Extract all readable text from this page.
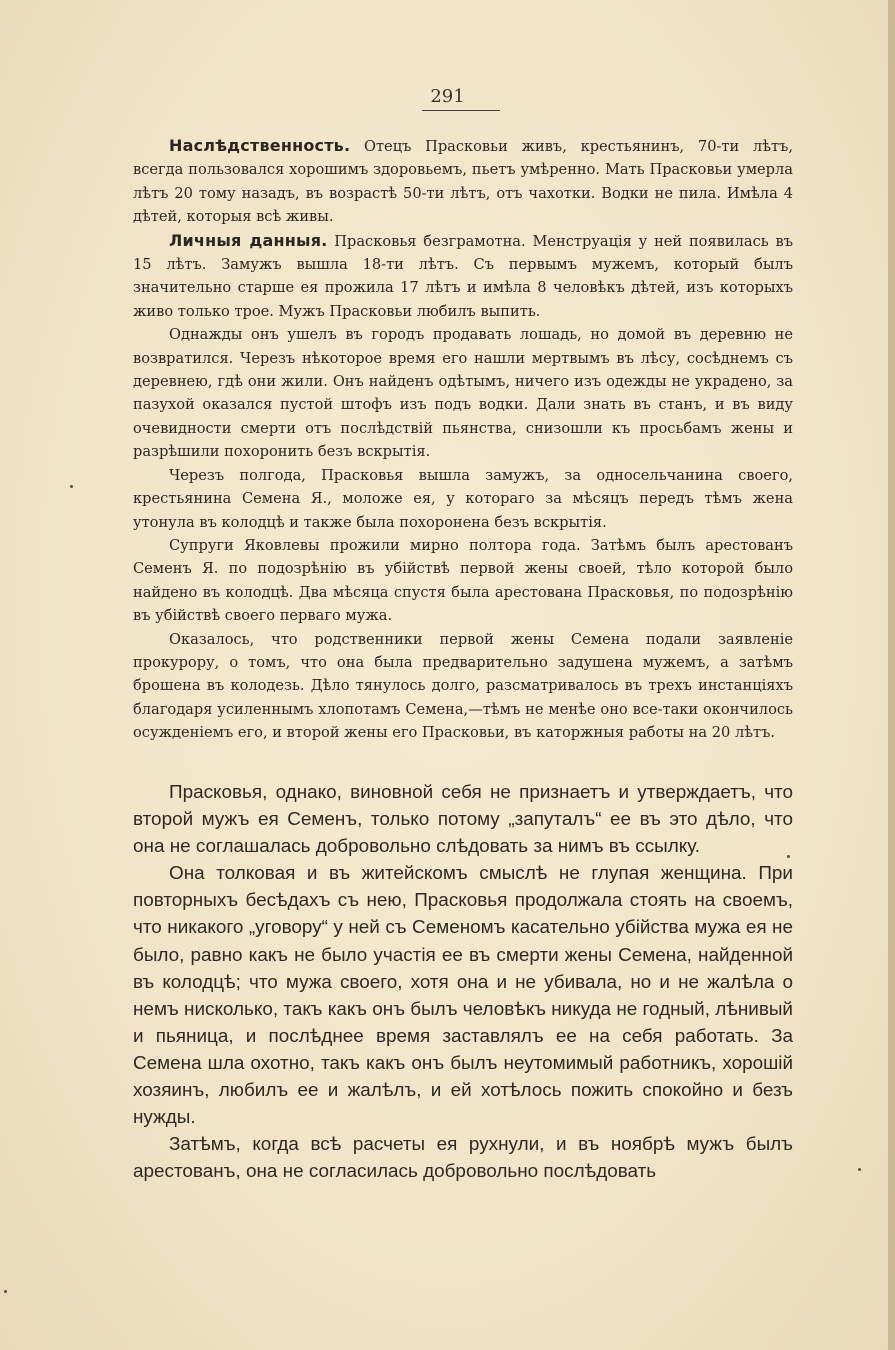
291

Наслѣдственность. Отецъ Прасковьи живъ, крестьянинъ, 70-ти лѣтъ, всегда пользовался хорошимъ здоровьемъ, пьетъ умѣренно. Мать Прасковьи умерла лѣтъ 20 тому назадъ, въ возрастѣ 50-ти лѣтъ, отъ чахотки. Водки не пила. Имѣла 4 дѣтей, которыя всѣ живы.

Личныя данныя. Прасковья безграмотна. Менструація у ней появилась въ 15 лѣтъ. Замужъ вышла 18-ти лѣтъ. Съ первымъ мужемъ, который былъ значительно старше ея прожила 17 лѣтъ и имѣла 8 человѣкъ дѣтей, изъ которыхъ живо только трое. Мужъ Прасковьи любилъ выпить.

Однажды онъ ушелъ въ городъ продавать лошадь, но домой въ деревню не возвратился. Черезъ нѣкоторое время его нашли мертвымъ въ лѣсу, сосѣднемъ съ деревнею, гдѣ они жили. Онъ найденъ одѣтымъ, ничего изъ одежды не украдено, за пазухой оказался пустой штофъ изъ подъ водки. Дали знать въ станъ, и въ виду очевидности смерти отъ послѣдствій пьянства, снизошли къ просьбамъ жены и разрѣшили похоронить безъ вскрытія.

Черезъ полгода, Прасковья вышла замужъ, за односельчанина своего, крестьянина Семена Я., моложе ея, у котораго за мѣсяцъ передъ тѣмъ жена утонула въ колодцѣ и также была похоронена безъ вскрытія.

Супруги Яковлевы прожили мирно полтора года. Затѣмъ былъ арестованъ Семенъ Я. по подозрѣнію въ убійствѣ первой жены своей, тѣло которой было найдено въ колодцѣ. Два мѣсяца спустя была арестована Прасковья, по подозрѣнію въ убійствѣ своего перваго мужа.

Оказалось, что родственники первой жены Семена подали заявленіе прокурору, о томъ, что она была предварительно задушена мужемъ, а затѣмъ брошена въ колодезь. Дѣло тянулось долго, разсматривалось въ трехъ инстанціяхъ благодаря усиленнымъ хлопотамъ Семена,—тѣмъ не менѣе оно все-таки окончилось осужденіемъ его, и второй жены его Прасковьи, въ каторжныя работы на 20 лѣтъ.

Прасковья, однако, виновной себя не признаетъ и утверждаетъ, что второй мужъ ея Семенъ, только потому „запуталъ“ ее въ это дѣло, что она не соглашалась добровольно слѣдовать за нимъ въ ссылку.

Она толковая и въ житейскомъ смыслѣ не глупая женщина. При повторныхъ бесѣдахъ съ нею, Прасковья продолжала стоять на своемъ, что никакого „уговору“ у ней съ Семеномъ касательно убійства мужа ея не было, равно какъ не было участія ее въ смерти жены Семена, найденной въ колодцѣ; что мужа своего, хотя она и не убивала, но и не жалѣла о немъ нисколько, такъ какъ онъ былъ человѣкъ никуда не годный, лѣнивый и пьяница, и послѣднее время заставлялъ ее на себя работать. За Семена шла охотно, такъ какъ онъ былъ неутомимый работникъ, хорошій хозяинъ, любилъ ее и жалѣлъ, и ей хотѣлось пожить спокойно и безъ нужды.

Затѣмъ, когда всѣ расчеты ея рухнули, и въ ноябрѣ мужъ былъ арестованъ, она не согласилась добровольно послѣдовать
